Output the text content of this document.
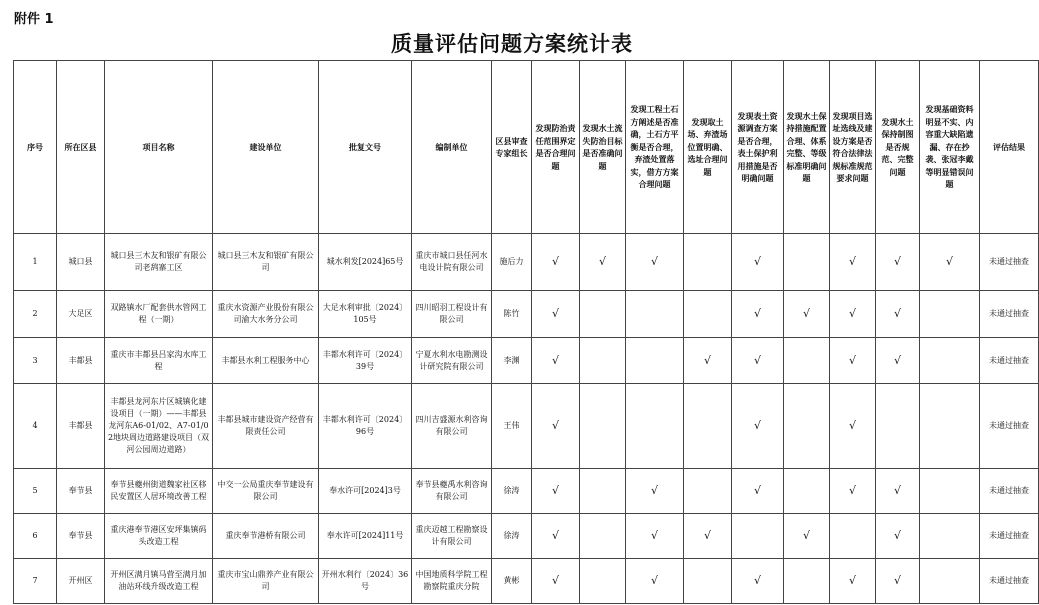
附件 1
质量评估问题方案统计表
序号	所在区县	项目名称	建设单位	批复文号	编制单位	区县审查专家组长	发现防治责任范围界定是否合理问题	发现水土流失防治目标是否准确问题	发现工程土石方阐述是否准确，土石方平衡是否合理，弃渣处置落实，借方方案合理问题	发现取土场、弃渣场位置明确、选址合理问题	发现表土资源调查方案是否合理，表土保护利用措施是否明确问题	发现水土保持措施配置合理、体系完整、等级标准明确问题	发现项目选址选线及建设方案是否符合法律法规标准规范要求问题	发现水土保持制图是否规范、完整问题	发现基础资料明显不实、内容重大缺陷遗漏、存在抄袭、张冠李戴等明显错误问题	评估结果
1	城口县	城口县三木友和银矿有限公司老鸹寨工区	城口县三木友和银矿有限公司	城水利发[2024]65号	重庆市城口县任河水电设计院有限公司	施后力	√	√	√		√		√	√	√	未通过抽查
2	大足区	双路镇水厂配套供水管网工程（一期）	重庆水资源产业股份有限公司渝大水务分公司	大足水利审批〔2024〕105号	四川昭羽工程设计有限公司	陈竹	√				√	√	√	√		未通过抽查
3	丰都县	重庆市丰都县吕家沟水库工程	丰都县水利工程服务中心	丰都水利许可〔2024〕39号	宁夏水利水电勘测设计研究院有限公司	李渊	√			√	√		√	√		未通过抽查
4	丰都县	丰都县龙河东片区城镇化建设项目（一期）——丰都县龙河东A6-01/02、A7-01/02地块周边道路建设项目（双河公园周边道路）	丰都县城市建设资产经营有限责任公司	丰都水利许可〔2024〕96号	四川吉盛源水利咨询有限公司	王伟	√				√		√			未通过抽查
5	奉节县	奉节县夔州街道魏家社区移民安置区人居环境改善工程	中交一公局重庆奉节建设有限公司	奉水许可[2024]3号	奉节县夔禹水利咨询有限公司	徐涛	√		√		√		√	√		未通过抽查
6	奉节县	重庆港奉节港区安坪集镇码头改造工程	重庆奉节港桥有限公司	奉水许可[2024]11号	重庆迈越工程勘察设计有限公司	徐涛	√		√	√		√		√		未通过抽查
7	开州区	开州区满月镇马营至满月加油站环线升级改造工程	重庆市宝山鼎养产业有限公司	开州水利行〔2024〕36号	中国地质科学院工程勘察院重庆分院	黄彬	√		√		√		√	√		未通过抽查
